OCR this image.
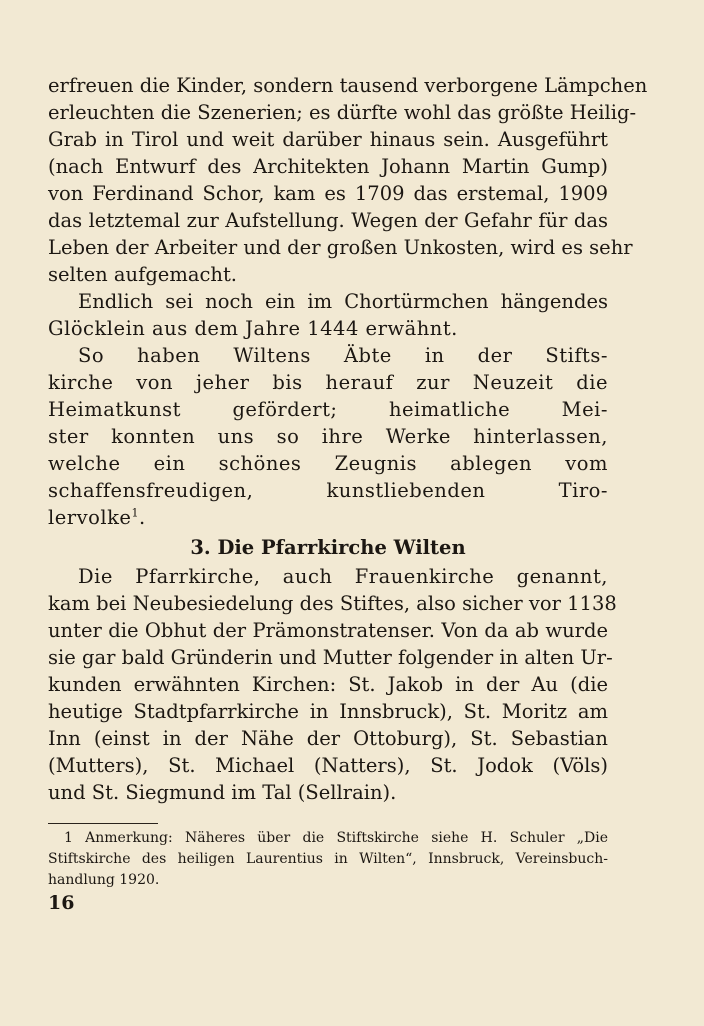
erfreuen die Kinder, sondern tausend verborgene Lämpchen
erleuchten die Szenerien; es dürfte wohl das größte Heilig-
Grab in Tirol und weit darüber hinaus sein. Ausgeführt
(nach Entwurf des Architekten Johann Martin Gump)
von Ferdinand Schor, kam es 1709 das erstemal, 1909
das letztemal zur Aufstellung. Wegen der Gefahr für das
Leben der Arbeiter und der großen Unkosten, wird es sehr
selten aufgemacht.
Endlich sei noch ein im Chortürmchen hängendes
Glöcklein aus dem Jahre 1444 erwähnt.
So haben Wiltens Äbte in der Stifts-
kirche von jeher bis herauf zur Neuzeit die
Heimatkunst gefördert; heimatliche Mei-
ster konnten uns so ihre Werke hinterlassen,
welche ein schönes Zeugnis ablegen vom
schaffensfreudigen, kunstliebenden Tiro-
lervolke$^1$.
3. Die Pfarrkirche Wilten
Die Pfarrkirche, auch Frauenkirche genannt,
kam bei Neubesiedelung des Stiftes, also sicher vor 1138
unter die Obhut der Prämonstratenser. Von da ab wurde
sie gar bald Gründerin und Mutter folgender in alten Ur-
kunden erwähnten Kirchen: St. Jakob in der Au (die
heutige Stadtpfarrkirche in Innsbruck), St. Moritz am
Inn (einst in der Nähe der Ottoburg), St. Sebastian
(Mutters), St. Michael (Natters), St. Jodok (Völs)
und St. Siegmund im Tal (Sellrain).
1 Anmerkung: Näheres über die Stiftskirche siehe H. Schuler „Die
Stiftskirche des heiligen Laurentius in Wilten“, Innsbruck, Vereinsbuch-
handlung 1920.
16
